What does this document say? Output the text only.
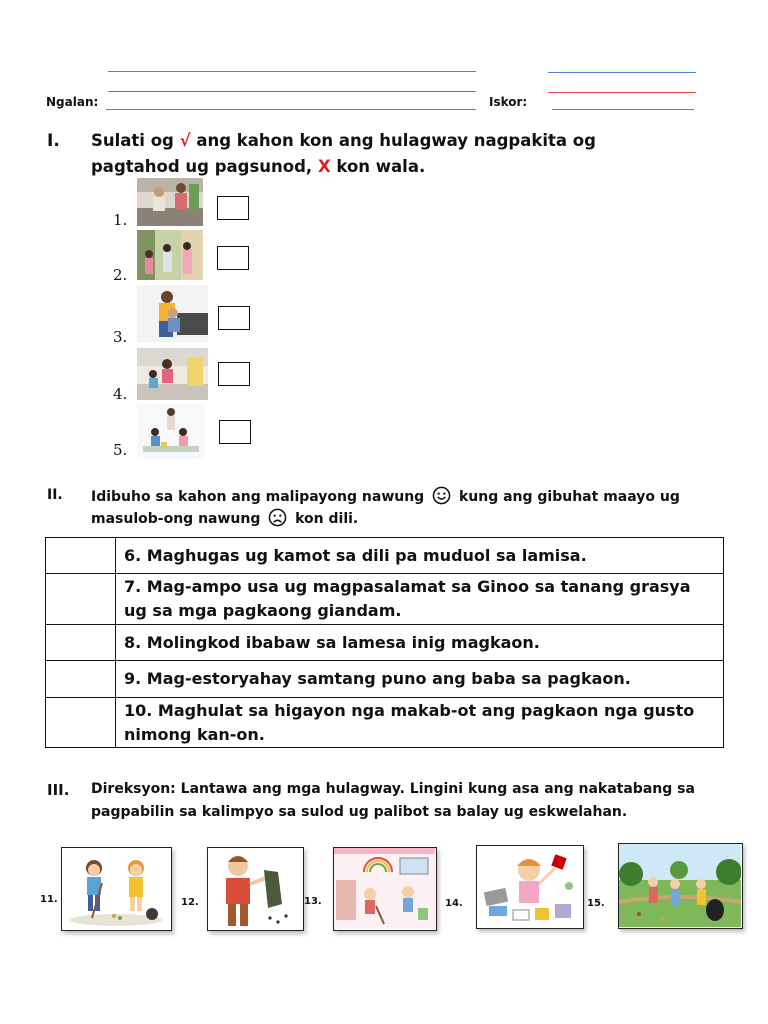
Ngalan:	Iskor:
I. Sulati og √ ang kahon kon ang hulagway nagpakita og pagtahod ug pagsunod, X kon wala.
1.
2.
3.
4.
5.
II. Idibuho sa kahon ang malipayong nawung  kung ang gibuhat maayo ug masulob-ong nawung  kon dili.
	6. Maghugas ug kamot sa dili pa muduol sa lamisa.
	7. Mag-ampo usa ug magpasalamat sa Ginoo sa tanang grasya ug sa mga pagkaong giandam.
	8. Molingkod ibabaw sa lamesa inig magkaon.
	9. Mag-estoryahay samtang puno ang baba sa pagkaon.
	10. Maghulat sa higayon nga makab-ot ang pagkaon nga gusto nimong kan-on.
III. Direksyon: Lantawa ang mga hulagway. Lingini kung asa ang nakatabang sa pagpabilin sa kalimpyo sa sulod ug palibot sa balay ug eskwelahan.
11.	12.	13.	14.	15.
